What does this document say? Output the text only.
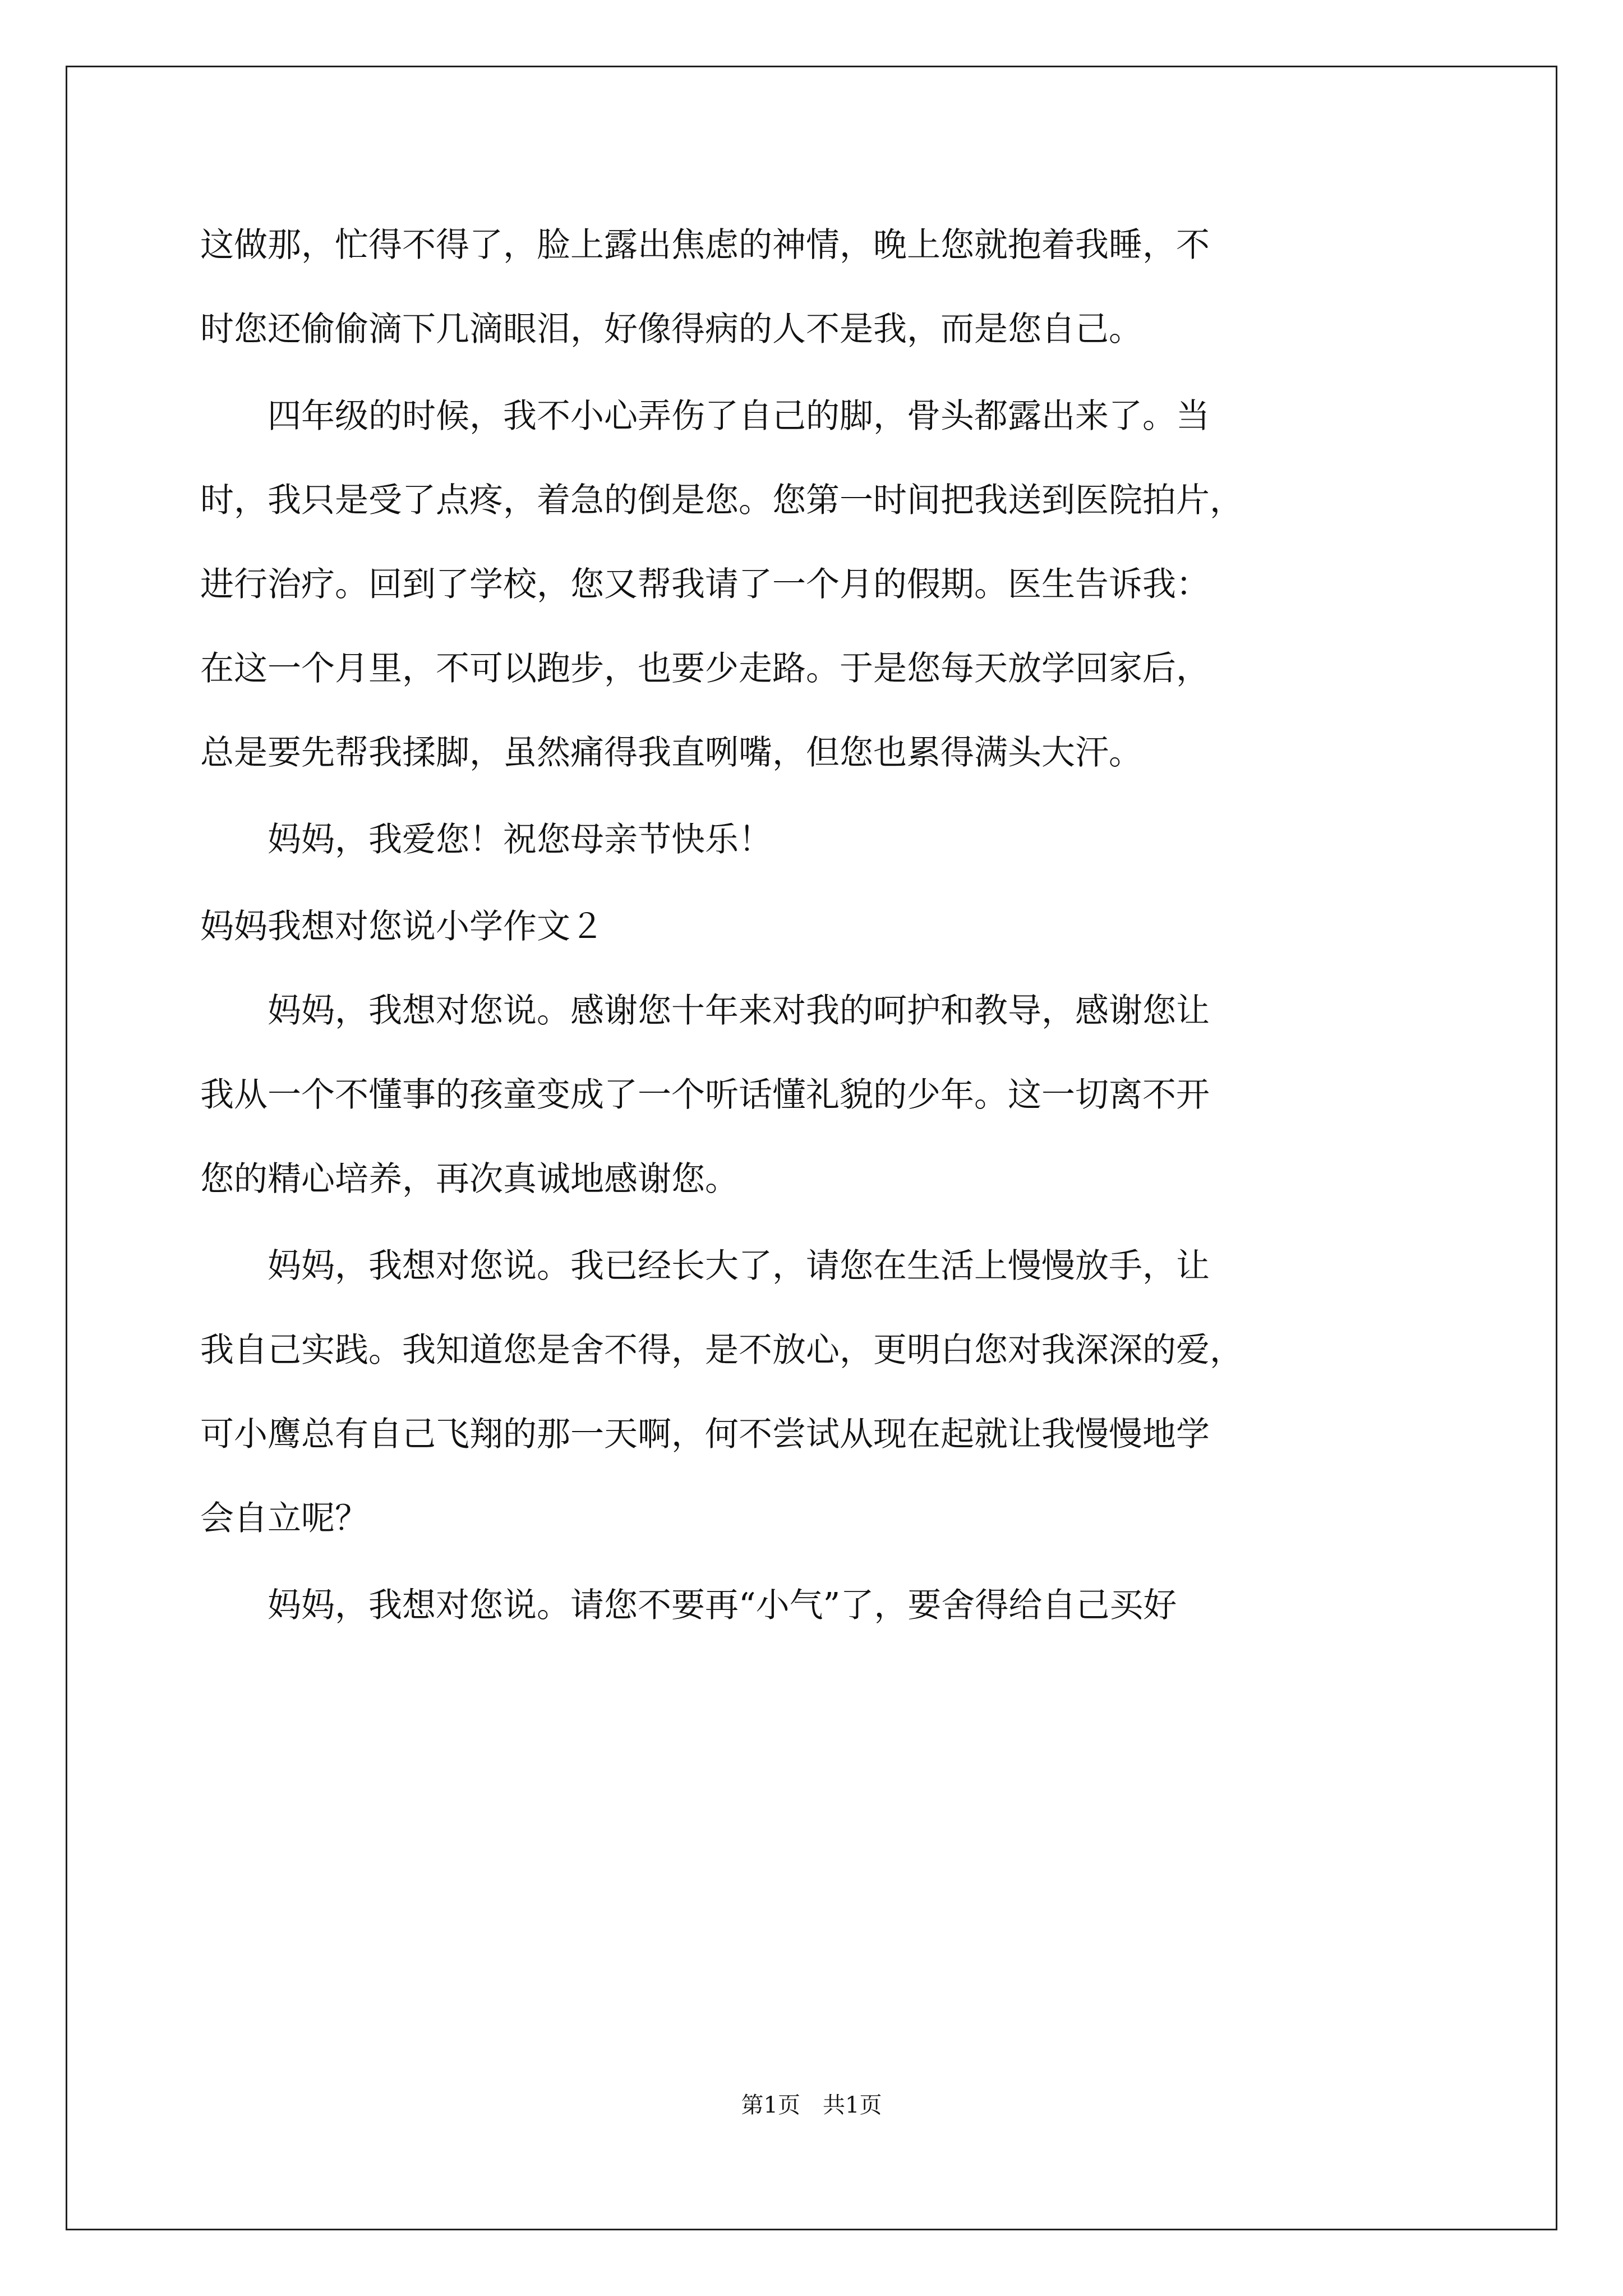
这做那，忙得不得了，脸上露出焦虑的神情，晚上您就抱着我睡，不

时您还偷偷滴下几滴眼泪，好像得病的人不是我，而是您自己。

　　四年级的时候，我不小心弄伤了自己的脚，骨头都露出来了。当

时，我只是受了点疼，着急的倒是您。您第一时间把我送到医院拍片，

进行治疗。回到了学校，您又帮我请了一个月的假期。医生告诉我：

在这一个月里，不可以跑步，也要少走路。于是您每天放学回家后，

总是要先帮我揉脚，虽然痛得我直咧嘴，但您也累得满头大汗。

　　妈妈，我爱您！祝您母亲节快乐！

妈妈我想对您说小学作文２

　　妈妈，我想对您说。感谢您十年来对我的呵护和教导，感谢您让

我从一个不懂事的孩童变成了一个听话懂礼貌的少年。这一切离不开

您的精心培养，再次真诚地感谢您。

　　妈妈，我想对您说。我已经长大了，请您在生活上慢慢放手，让

我自己实践。我知道您是舍不得，是不放心，更明白您对我深深的爱，

可小鹰总有自己飞翔的那一天啊，何不尝试从现在起就让我慢慢地学

会自立呢？

　　妈妈，我想对您说。请您不要再“小气”了，要舍得给自己买好

第1页　共1页
